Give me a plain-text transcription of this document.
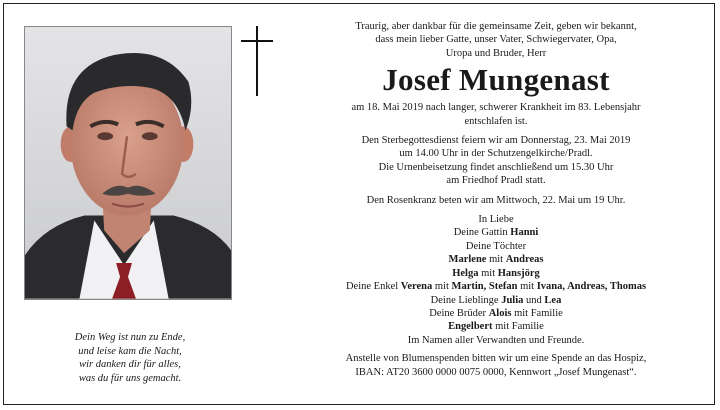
Dein Weg ist nun zu Ende,
und leise kam die Nacht,
wir danken dir für alles,
was du für uns gemacht.

Traurig, aber dankbar für die gemeinsame Zeit, geben wir bekannt,

dass mein lieber Gatte, unser Vater, Schwiegervater, Opa,

Uropa und Bruder, Herr

Josef Mungenast

am 18. Mai 2019 nach langer, schwerer Krankheit im 83. Lebensjahr

entschlafen ist.

Den Sterbegottesdienst feiern wir am Donnerstag, 23. Mai 2019

um 14.00 Uhr in der Schutzengelkirche/Pradl.

Die Urnenbeisetzung findet anschließend um 15.30 Uhr

am Friedhof Pradl statt.

Den Rosenkranz beten wir am Mittwoch, 22. Mai um 19 Uhr.

In Liebe

Deine Gattin Hanni

Deine Töchter

Marlene mit Andreas

Helga mit Hansjörg

Deine Enkel Verena mit Martin, Stefan mit Ivana, Andreas, Thomas

Deine Lieblinge Julia und Lea

Deine Brüder Alois mit Familie

Engelbert mit Familie

Im Namen aller Verwandten und Freunde.

Anstelle von Blumenspenden bitten wir um eine Spende an das Hospiz,

IBAN: AT20 3600 0000 0075 0000, Kennwort „Josef Mungenast“.
